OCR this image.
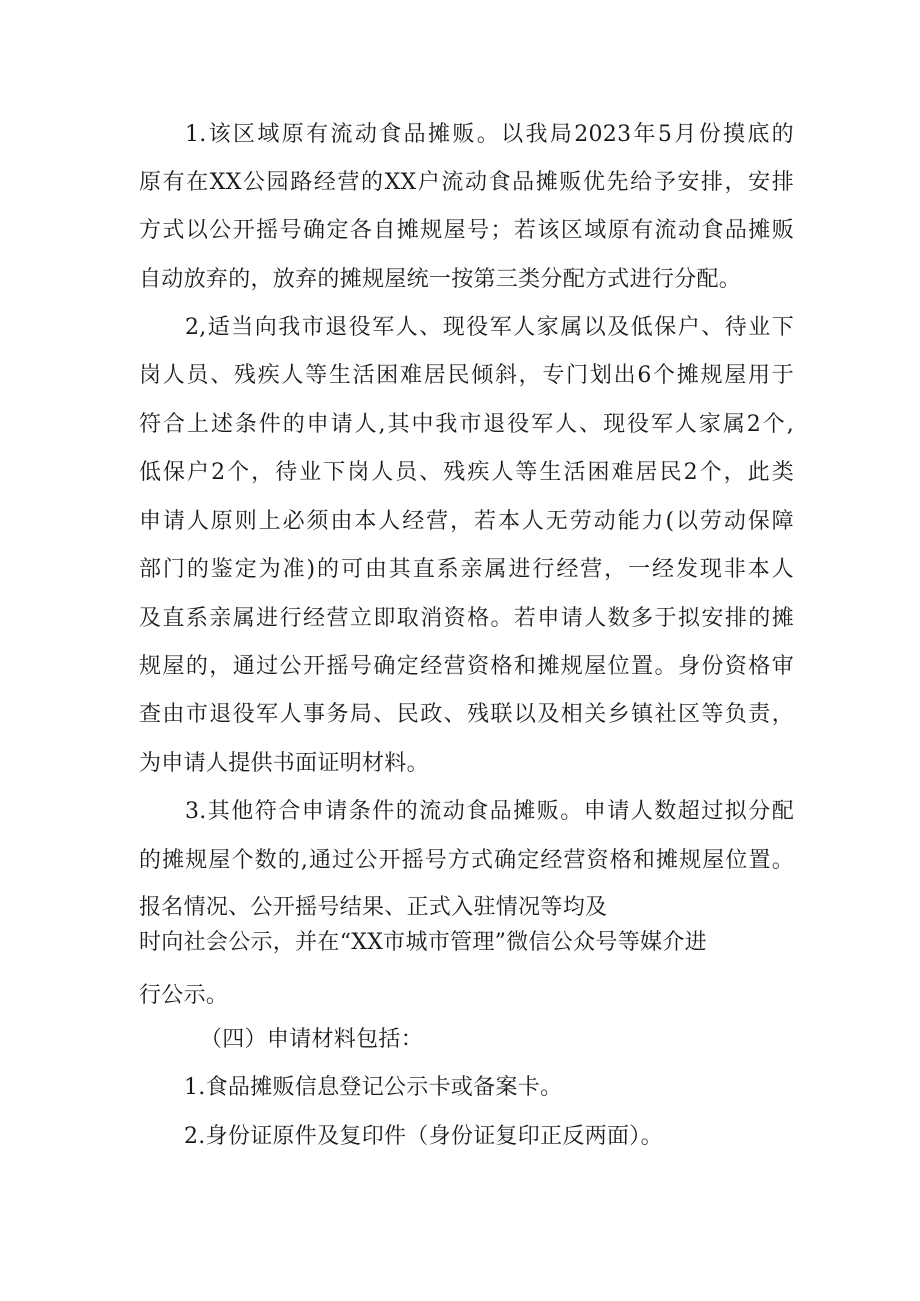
1.该区域原有流动食品摊贩。以我局2023年5月份摸底的
原有在XX公园路经营的XX户流动食品摊贩优先给予安排，安排
方式以公开摇号确定各自摊规屋号；若该区域原有流动食品摊贩
自动放弃的，放弃的摊规屋统一按第三类分配方式进行分配。
2,适当向我市退役军人、现役军人家属以及低保户、待业下
岗人员、残疾人等生活困难居民倾斜，专门划出6个摊规屋用于
符合上述条件的申请人,其中我市退役军人、现役军人家属2个,
低保户2个，待业下岗人员、残疾人等生活困难居民2个，此类
申请人原则上必须由本人经营，若本人无劳动能力(以劳动保障
部门的鉴定为准)的可由其直系亲属进行经营，一经发现非本人
及直系亲属进行经营立即取消资格。若申请人数多于拟安排的摊
规屋的，通过公开摇号确定经营资格和摊规屋位置。身份资格审
查由市退役军人事务局、民政、残联以及相关乡镇社区等负责，
为申请人提供书面证明材料。
3.其他符合申请条件的流动食品摊贩。申请人数超过拟分配
的摊规屋个数的,通过公开摇号方式确定经营资格和摊规屋位置。
报名情况、公开摇号结果、正式入驻情况等均及
时向社会公示，并在“XX市城市管理”微信公众号等媒介进
行公示。
（四）申请材料包括：
1.食品摊贩信息登记公示卡或备案卡。
2.身份证原件及复印件（身份证复印正反两面）。
